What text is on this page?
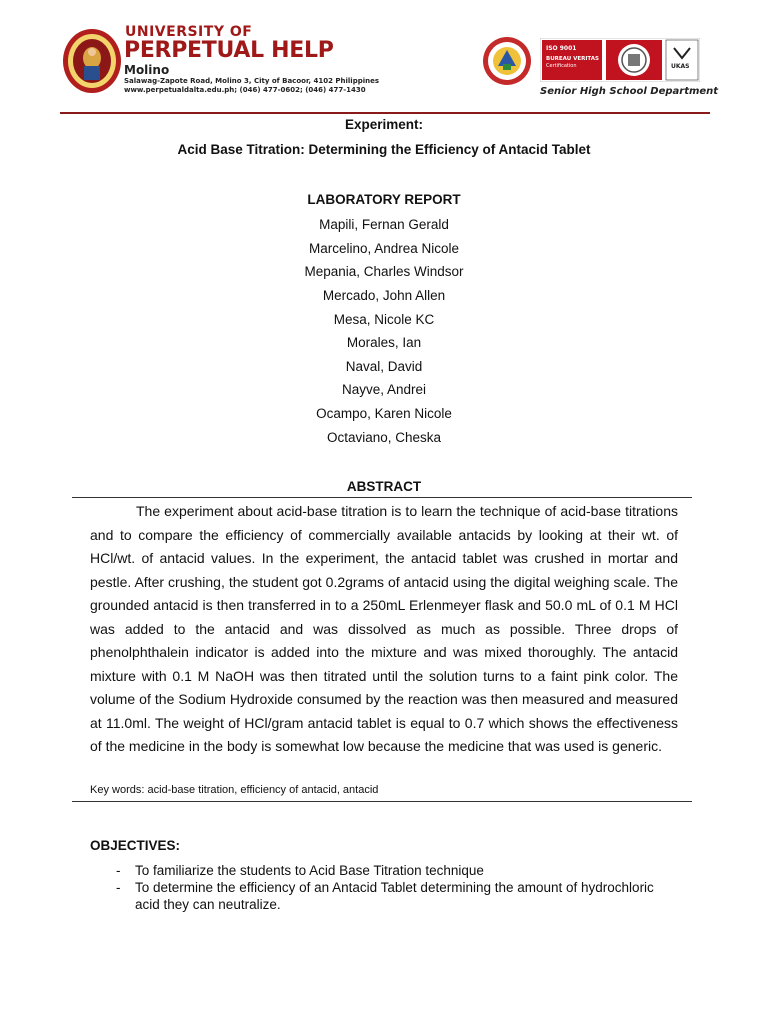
UNIVERSITY OF
PERPETUAL HELP
Molino
Salawag-Zapote Road, Molino 3, City of Bacoor, 4102 Philippines
www.perpetualdalta.edu.ph; (046) 477-0602; (046) 477-1430
ISO 9001
BUREAU VERITAS
Certification	UKAS
Senior High School Department
Experiment:
Acid Base Titration: Determining the Efficiency of Antacid Tablet
LABORATORY REPORT
Mapili, Fernan Gerald
Marcelino, Andrea Nicole
Mepania, Charles Windsor
Mercado, John Allen
Mesa, Nicole KC
Morales, Ian
Naval, David
Nayve, Andrei
Ocampo, Karen Nicole
Octaviano, Cheska
ABSTRACT
The experiment about acid-base titration is to learn the technique of acid-base titrations and to compare the efficiency of commercially available antacids by looking at their wt. of HCl/wt. of antacid values. In the experiment, the antacid tablet was crushed in mortar and pestle. After crushing, the student got 0.2grams of antacid using the digital weighing scale. The grounded antacid is then transferred in to a 250mL Erlenmeyer flask and 50.0 mL of 0.1 M HCl was added to the antacid and was dissolved as much as possible. Three drops of phenolphthalein indicator is added into the mixture and was mixed thoroughly. The antacid mixture with 0.1 M NaOH was then titrated until the solution turns to a faint pink color. The volume of the Sodium Hydroxide consumed by the reaction was then measured and measured at 11.0ml. The weight of HCl/gram antacid tablet is equal to 0.7 which shows the effectiveness of the medicine in the body is somewhat low because the medicine that was used is generic.
Key words: acid-base titration, efficiency of antacid, antacid
OBJECTIVES:
-	To familiarize the students to Acid Base Titration technique
-	To determine the efficiency of an Antacid Tablet determining the amount of hydrochloric acid they can neutralize.
